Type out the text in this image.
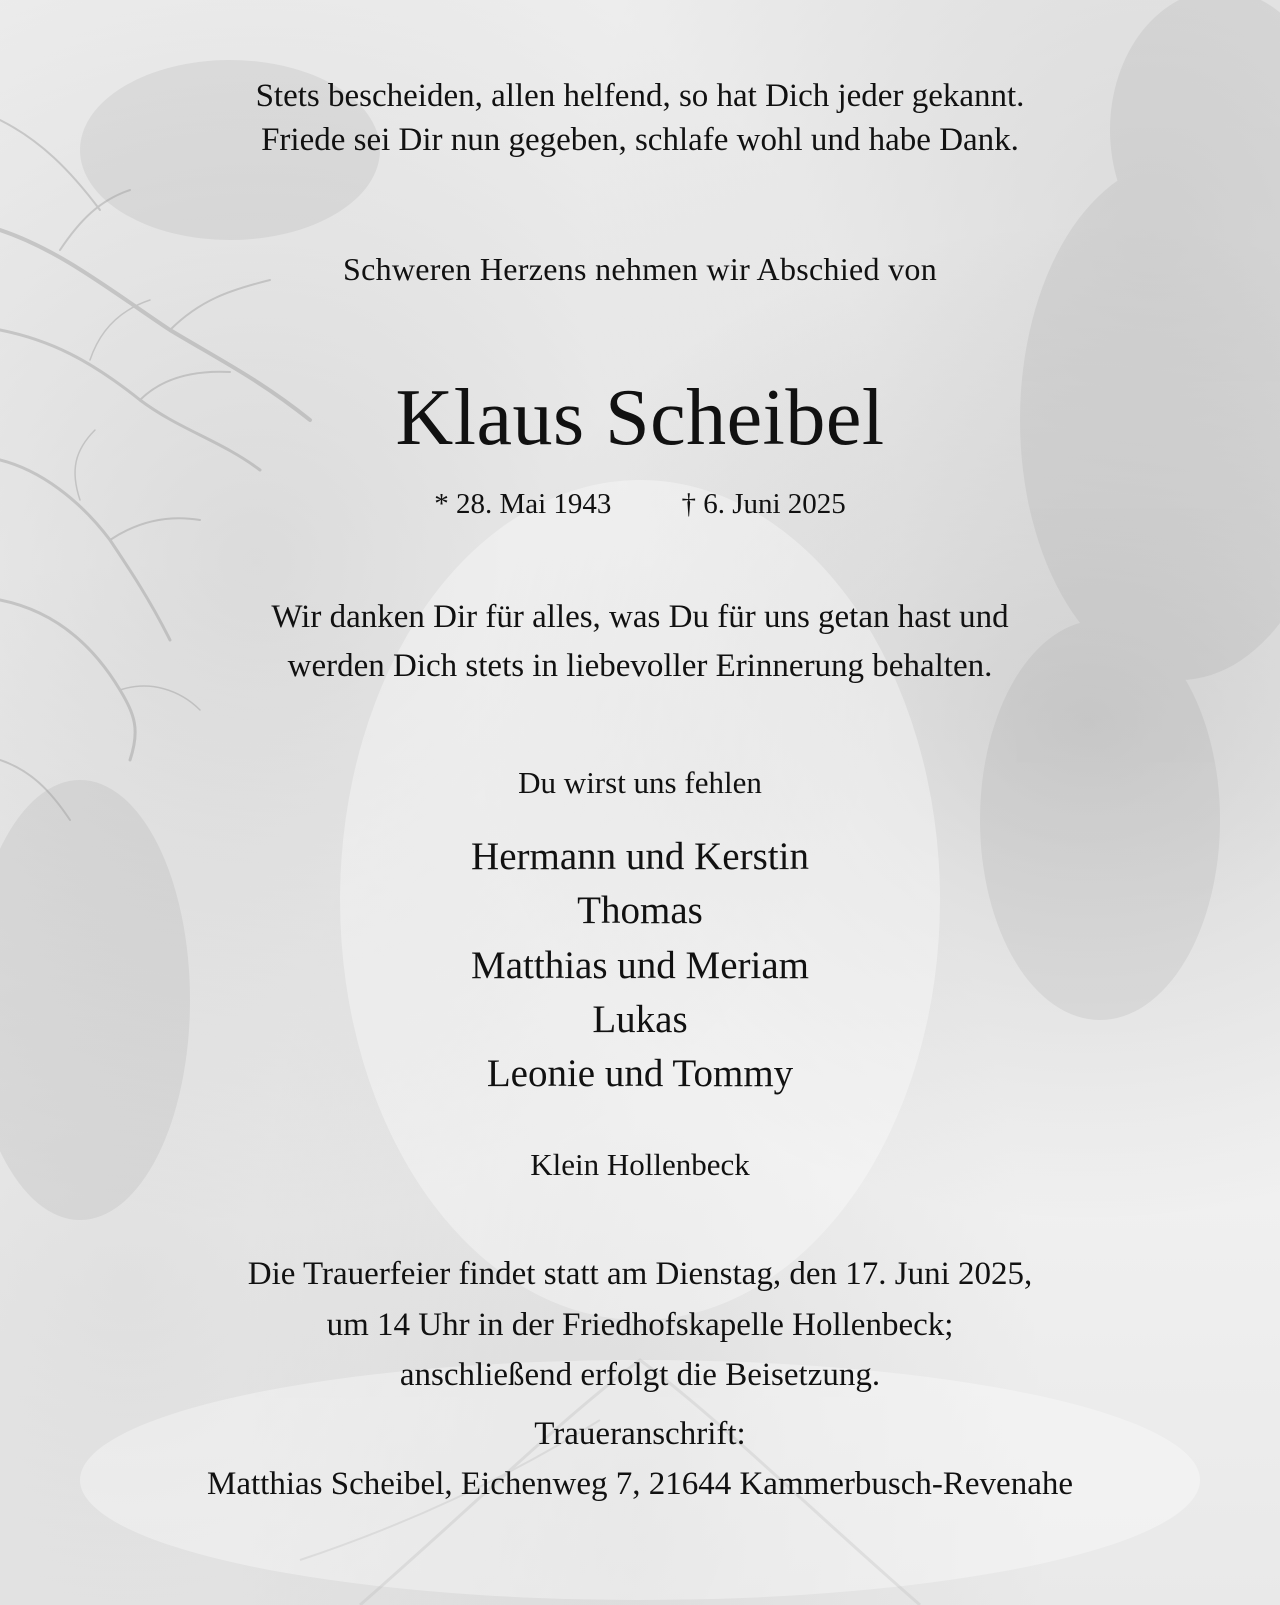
Stets bescheiden, allen helfend, so hat Dich jeder gekannt.
Friede sei Dir nun gegeben, schlafe wohl und habe Dank.
Schweren Herzens nehmen wir Abschied von
Klaus Scheibel
* 28. Mai 1943 † 6. Juni 2025
Wir danken Dir für alles, was Du für uns getan hast und
werden Dich stets in liebevoller Erinnerung behalten.
Du wirst uns fehlen
Hermann und Kerstin
Thomas
Matthias und Meriam
Lukas
Leonie und Tommy
Klein Hollenbeck
Die Trauerfeier findet statt am Dienstag, den 17. Juni 2025,
um 14 Uhr in der Friedhofskapelle Hollenbeck;
anschließend erfolgt die Beisetzung.
Traueranschrift:
Matthias Scheibel, Eichenweg 7, 21644 Kammerbusch-Revenahe
